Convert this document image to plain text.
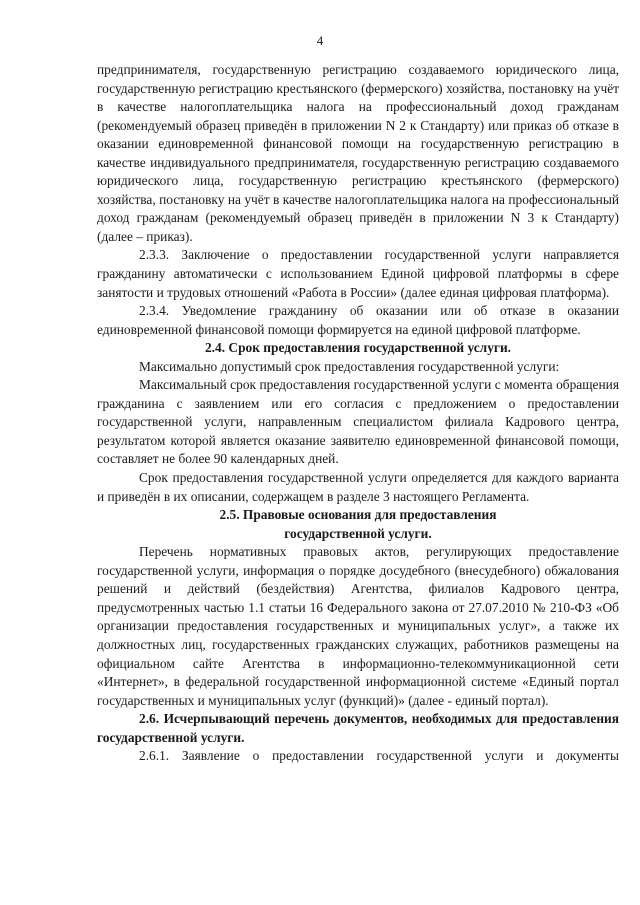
4

предпринимателя, государственную регистрацию создаваемого юридического лица, государственную регистрацию крестьянского (фермерского) хозяйства, постановку на учёт в качестве налогоплательщика налога на профессиональный доход гражданам (рекомендуемый образец приведён в приложении N 2 к Стандарту) или приказ об отказе в оказании единовременной финансовой помощи на государственную регистрацию в качестве индивидуального предпринимателя, государственную регистрацию создаваемого юридического лица, государственную регистрацию крестьянского (фермерского) хозяйства, постановку на учёт в качестве налогоплательщика налога на профессиональный доход гражданам (рекомендуемый образец приведён в приложении N 3 к Стандарту) (далее – приказ).

2.3.3. Заключение о предоставлении государственной услуги направляется гражданину автоматически с использованием Единой цифровой платформы в сфере занятости и трудовых отношений «Работа в России» (далее единая цифровая платформа).

2.3.4. Уведомление гражданину об оказании или об отказе в оказании единовременной финансовой помощи формируется на единой цифровой платформе.

2.4. Срок предоставления государственной услуги.

Максимально допустимый срок предоставления государственной услуги:

Максимальный срок предоставления государственной услуги с момента обращения гражданина с заявлением или его согласия с предложением о предоставлении государственной услуги, направленным специалистом филиала Кадрового центра, результатом которой является оказание заявителю единовременной финансовой помощи, составляет не более 90 календарных дней.

Срок предоставления государственной услуги определяется для каждого варианта и приведён в их описании, содержащем в разделе 3 настоящего Регламента.

2.5. Правовые основания для предоставления

государственной услуги.

Перечень нормативных правовых актов, регулирующих предоставление государственной услуги, информация о порядке досудебного (внесудебного) обжалования решений и действий (бездействия) Агентства, филиалов Кадрового центра, предусмотренных частью 1.1 статьи 16 Федерального закона от 27.07.2010 № 210-ФЗ «Об организации предоставления государственных и муниципальных услуг», а также их должностных лиц, государственных гражданских служащих, работников размещены на официальном сайте Агентства в информационно-телекоммуникационной сети «Интернет», в федеральной государственной информационной системе «Единый портал государственных и муниципальных услуг (функций)» (далее - единый портал).

2.6. Исчерпывающий перечень документов, необходимых для предоставления государственной услуги.

2.6.1. Заявление о предоставлении государственной услуги и документы
